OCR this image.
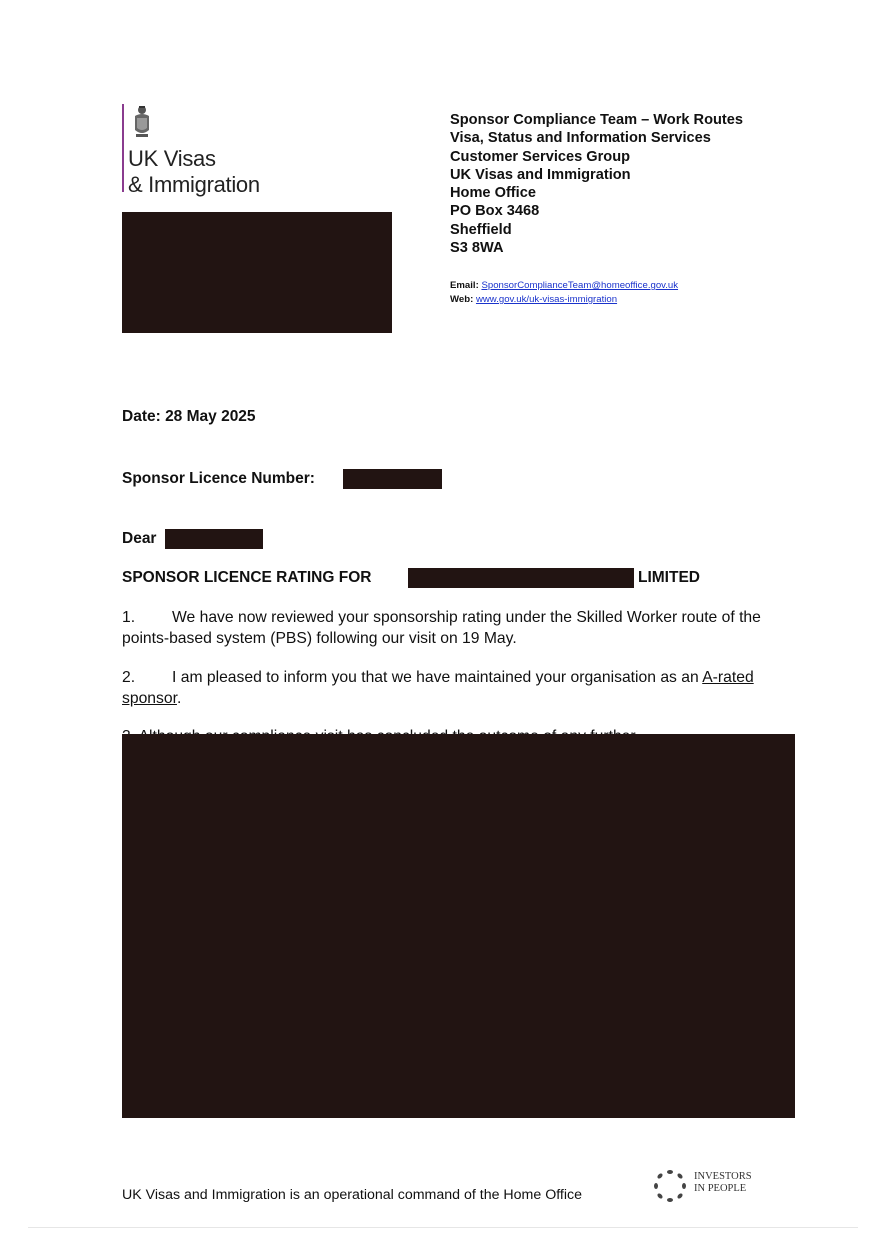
UK Visas
& Immigration
Sponsor Compliance Team – Work Routes
Visa, Status and Information Services
Customer Services Group
UK Visas and Immigration
Home Office
PO Box 3468
Sheffield
S3 8WA
Email: SponsorComplianceTeam@homeoffice.gov.uk
Web: www.gov.uk/uk-visas-immigration
Date: 28 May 2025
Sponsor Licence Number:
Dear
SPONSOR LICENCE RATING FOR	LIMITED
1. We have now reviewed your sponsorship rating under the Skilled Worker route of the points-based system (PBS) following our visit on 19 May.
2. I am pleased to inform you that we have maintained your organisation as an A-rated sponsor.
UK Visas and Immigration is an operational command of the Home Office
INVESTORS
IN PEOPLE
